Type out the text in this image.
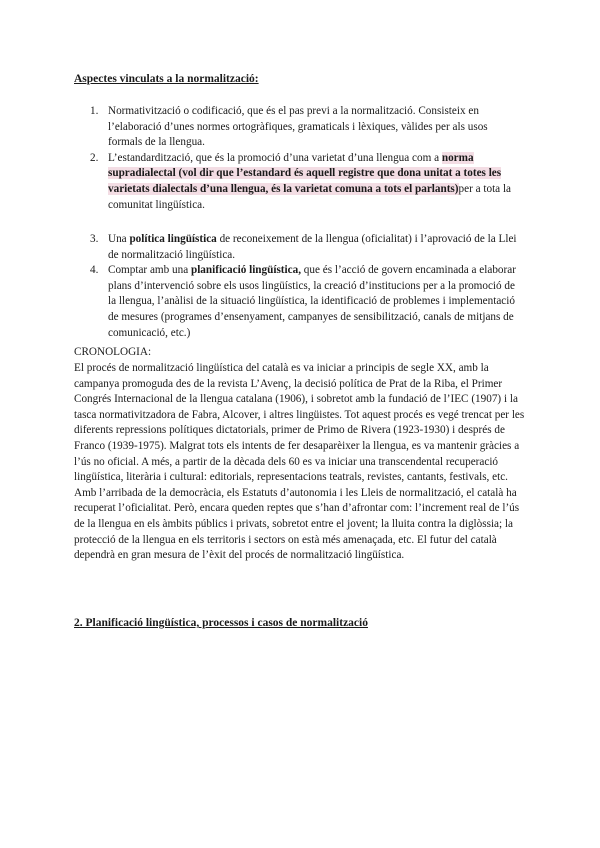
Aspectes vinculats a la normalització:

1. Normativització o codificació, que és el pas previ a la normalització. Consisteix en l’elaboració d’unes normes ortogràfiques, gramaticals i lèxiques, vàlides per als usos formals de la llengua.
2. L’estandardització, que és la promoció d’una varietat d’una llengua com a norma supradialectal (vol dir que l’estandard és aquell registre que dona unitat a totes les varietats dialectals d’una llengua, és la varietat comuna a tots el parlants)per a tota la comunitat lingüística.
3. Una política lingüística de reconeixement de la llengua (oficialitat) i l’aprovació de la Llei de normalització lingüística.
4. Comptar amb una planificació lingüística, que és l’acció de govern encaminada a elaborar plans d’intervenció sobre els usos lingüístics, la creació d’institucions per a la promoció de la llengua, l’anàlisi de la situació lingüística, la identificació de problemes i implementació de mesures (programes d’ensenyament, campanyes de sensibilització, canals de mitjans de comunicació, etc.)

CRONOLOGIA:

El procés de normalització lingüística del català es va iniciar a principis de segle XX, amb la campanya promoguda des de la revista L’Avenç, la decisió política de Prat de la Riba, el Primer Congrés Internacional de la llengua catalana (1906), i sobretot amb la fundació de l’IEC (1907) i la tasca normativitzadora de Fabra, Alcover, i altres lingüistes. Tot aquest procés es vegé trencat per les diferents repressions polítiques dictatorials, primer de Primo de Rivera (1923-1930) i després de Franco (1939-1975). Malgrat tots els intents de fer desaparèixer la llengua, es va mantenir gràcies a l’ús no oficial. A més, a partir de la dècada dels 60 es va iniciar una transcendental recuperació lingüística, literària i cultural: editorials, representacions teatrals, revistes, cantants, festivals, etc. Amb l’arribada de la democràcia, els Estatuts d’autonomia i les Lleis de normalització, el català ha recuperat l’oficialitat. Però, encara queden reptes que s’han d’afrontar com: l’increment real de l’ús de la llengua en els àmbits públics i privats, sobretot entre el jovent; la lluita contra la diglòssia; la protecció de la llengua en els territoris i sectors on està més amenaçada, etc. El futur del català dependrà en gran mesura de l’èxit del procés de normalització lingüística.

2. Planificació lingüística, processos i casos de normalització
